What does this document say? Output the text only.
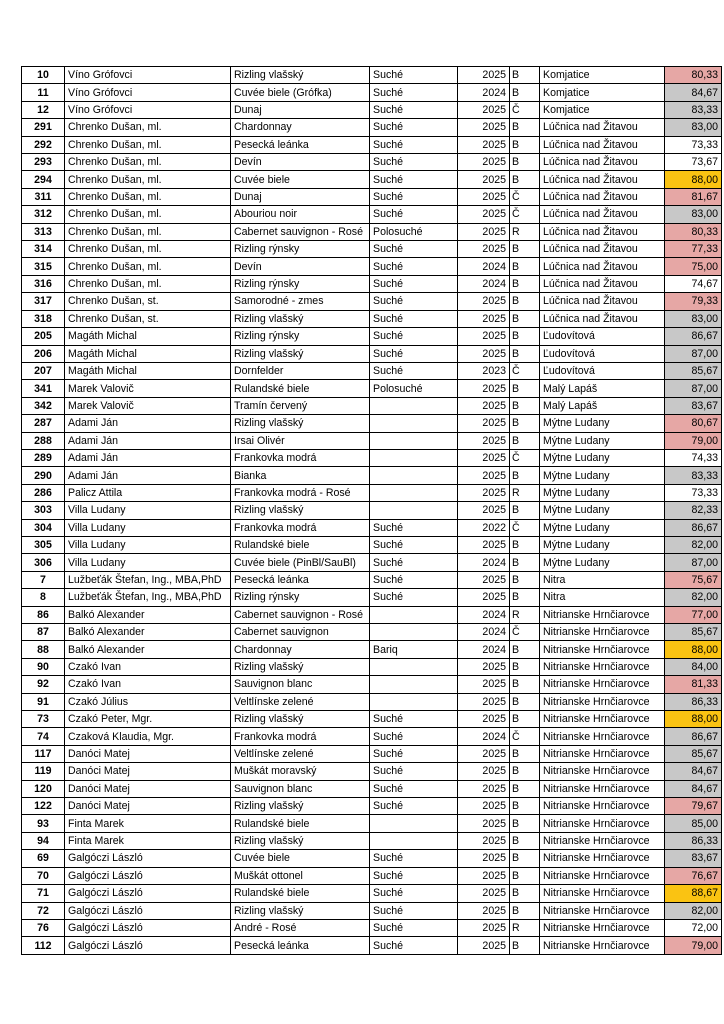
10	Víno Grófovci	Rizling vlašský	Suché	2025	B	Komjatice	80,33
11	Víno Grófovci	Cuvée biele (Grófka)	Suché	2024	B	Komjatice	84,67
12	Víno Grófovci	Dunaj	Suché	2025	Č	Komjatice	83,33
291	Chrenko Dušan, ml.	Chardonnay	Suché	2025	B	Lúčnica nad Žitavou	83,00
292	Chrenko Dušan, ml.	Pesecká leánka	Suché	2025	B	Lúčnica nad Žitavou	73,33
293	Chrenko Dušan, ml.	Devín	Suché	2025	B	Lúčnica nad Žitavou	73,67
294	Chrenko Dušan, ml.	Cuvée biele	Suché	2025	B	Lúčnica nad Žitavou	88,00
311	Chrenko Dušan, ml.	Dunaj	Suché	2025	Č	Lúčnica nad Žitavou	81,67
312	Chrenko Dušan, ml.	Abouriou noir	Suché	2025	Č	Lúčnica nad Žitavou	83,00
313	Chrenko Dušan, ml.	Cabernet sauvignon - Rosé	Polosuché	2025	R	Lúčnica nad Žitavou	80,33
314	Chrenko Dušan, ml.	Rizling rýnsky	Suché	2025	B	Lúčnica nad Žitavou	77,33
315	Chrenko Dušan, ml.	Devín	Suché	2024	B	Lúčnica nad Žitavou	75,00
316	Chrenko Dušan, ml.	Rizling rýnsky	Suché	2024	B	Lúčnica nad Žitavou	74,67
317	Chrenko Dušan, st.	Samorodné - zmes	Suché	2025	B	Lúčnica nad Žitavou	79,33
318	Chrenko Dušan, st.	Rizling vlašský	Suché	2025	B	Lúčnica nad Žitavou	83,00
205	Magáth Michal	Rizling rýnsky	Suché	2025	B	Ľudovítová	86,67
206	Magáth Michal	Rizling vlašský	Suché	2025	B	Ľudovítová	87,00
207	Magáth Michal	Dornfelder	Suché	2023	Č	Ľudovítová	85,67
341	Marek Valovič	Rulandské biele	Polosuché	2025	B	Malý Lapáš	87,00
342	Marek Valovič	Tramín červený		2025	B	Malý Lapáš	83,67
287	Adami Ján	Rizling vlašský		2025	B	Mýtne Ludany	80,67
288	Adami Ján	Irsai Olivér		2025	B	Mýtne Ludany	79,00
289	Adami Ján	Frankovka modrá		2025	Č	Mýtne Ludany	74,33
290	Adami Ján	Bianka		2025	B	Mýtne Ludany	83,33
286	Palicz Attila	Frankovka modrá - Rosé		2025	R	Mýtne Ludany	73,33
303	Villa Ludany	Rizling vlašský		2025	B	Mýtne Ludany	82,33
304	Villa Ludany	Frankovka modrá	Suché	2022	Č	Mýtne Ludany	86,67
305	Villa Ludany	Rulandské biele	Suché	2025	B	Mýtne Ludany	82,00
306	Villa Ludany	Cuvée biele (PinBl/SauBl)	Suché	2024	B	Mýtne Ludany	87,00
7	Lužbeťák Štefan, Ing., MBA,PhD	Pesecká leánka	Suché	2025	B	Nitra	75,67
8	Lužbeťák Štefan, Ing., MBA,PhD	Rizling rýnsky	Suché	2025	B	Nitra	82,00
86	Balkó Alexander	Cabernet sauvignon - Rosé		2024	R	Nitrianske Hrnčiarovce	77,00
87	Balkó Alexander	Cabernet sauvignon		2024	Č	Nitrianske Hrnčiarovce	85,67
88	Balkó Alexander	Chardonnay	Bariq	2024	B	Nitrianske Hrnčiarovce	88,00
90	Czakó Ivan	Rizling vlašský		2025	B	Nitrianske Hrnčiarovce	84,00
92	Czakó Ivan	Sauvignon blanc		2025	B	Nitrianske Hrnčiarovce	81,33
91	Czakó Július	Veltlínske zelené		2025	B	Nitrianske Hrnčiarovce	86,33
73	Czakó Peter, Mgr.	Rizling vlašský	Suché	2025	B	Nitrianske Hrnčiarovce	88,00
74	Czaková Klaudia, Mgr.	Frankovka modrá	Suché	2024	Č	Nitrianske Hrnčiarovce	86,67
117	Danóci Matej	Veltlínske zelené	Suché	2025	B	Nitrianske Hrnčiarovce	85,67
119	Danóci Matej	Muškát moravský	Suché	2025	B	Nitrianske Hrnčiarovce	84,67
120	Danóci Matej	Sauvignon blanc	Suché	2025	B	Nitrianske Hrnčiarovce	84,67
122	Danóci Matej	Rizling vlašský	Suché	2025	B	Nitrianske Hrnčiarovce	79,67
93	Finta Marek	Rulandské biele		2025	B	Nitrianske Hrnčiarovce	85,00
94	Finta Marek	Rizling vlašský		2025	B	Nitrianske Hrnčiarovce	86,33
69	Galgóczi László	Cuvée biele	Suché	2025	B	Nitrianske Hrnčiarovce	83,67
70	Galgóczi László	Muškát ottonel	Suché	2025	B	Nitrianske Hrnčiarovce	76,67
71	Galgóczi László	Rulandské biele	Suché	2025	B	Nitrianske Hrnčiarovce	88,67
72	Galgóczi László	Rizling vlašský	Suché	2025	B	Nitrianske Hrnčiarovce	82,00
76	Galgóczi László	André - Rosé	Suché	2025	R	Nitrianske Hrnčiarovce	72,00
112	Galgóczi László	Pesecká leánka	Suché	2025	B	Nitrianske Hrnčiarovce	79,00
